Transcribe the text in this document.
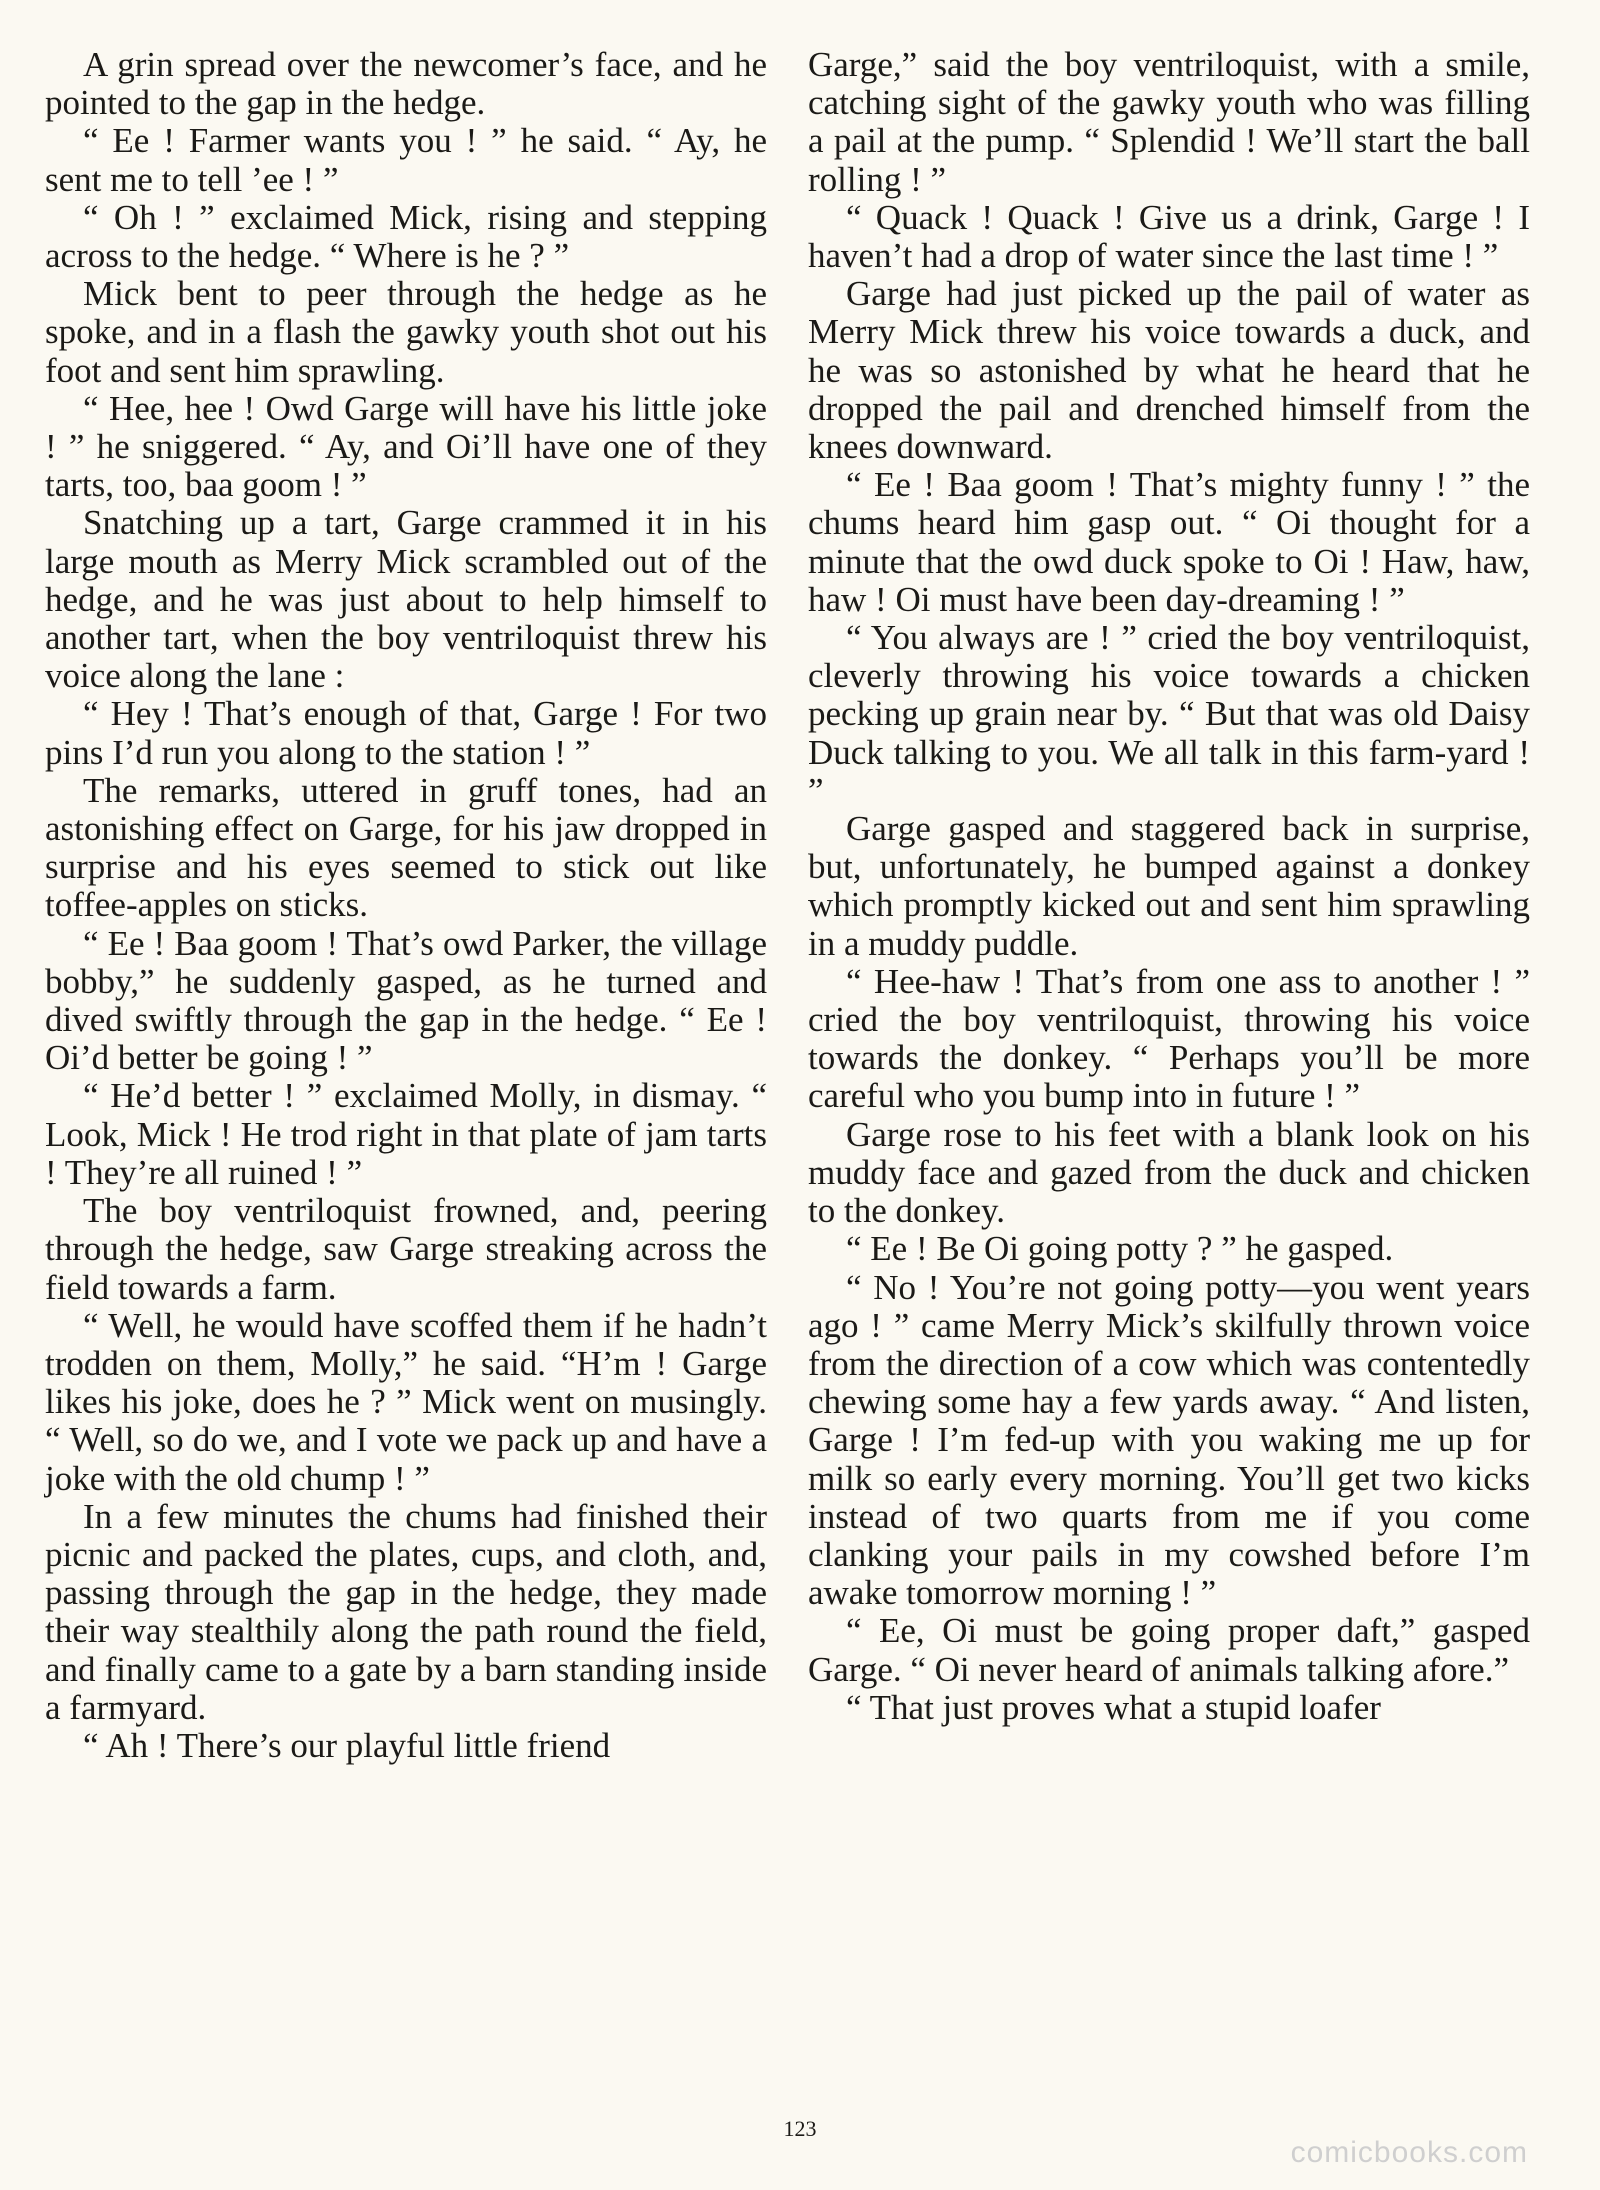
A grin spread over the newcomer’s face, and he pointed to the gap in the hedge.

“ Ee ! Farmer wants you ! ” he said. “ Ay, he sent me to tell ’ee ! ”

“ Oh ! ” exclaimed Mick, rising and stepping across to the hedge. “ Where is he ? ”

Mick bent to peer through the hedge as he spoke, and in a flash the gawky youth shot out his foot and sent him sprawling.

“ Hee, hee ! Owd Garge will have his little joke ! ” he sniggered. “ Ay, and Oi’ll have one of they tarts, too, baa goom ! ”

Snatching up a tart, Garge crammed it in his large mouth as Merry Mick scrambled out of the hedge, and he was just about to help himself to another tart, when the boy ventriloquist threw his voice along the lane :

“ Hey ! That’s enough of that, Garge ! For two pins I’d run you along to the station ! ”

The remarks, uttered in gruff tones, had an astonishing effect on Garge, for his jaw dropped in surprise and his eyes seemed to stick out like toffee-apples on sticks.

“ Ee ! Baa goom ! That’s owd Parker, the village bobby,” he suddenly gasped, as he turned and dived swiftly through the gap in the hedge. “ Ee ! Oi’d better be going ! ”

“ He’d better ! ” exclaimed Molly, in dismay. “ Look, Mick ! He trod right in that plate of jam tarts ! They’re all ruined ! ”

The boy ventriloquist frowned, and, peering through the hedge, saw Garge streaking across the field towards a farm.

“ Well, he would have scoffed them if he hadn’t trodden on them, Molly,” he said. “H’m ! Garge likes his joke, does he ? ” Mick went on musingly. “ Well, so do we, and I vote we pack up and have a joke with the old chump ! ”

In a few minutes the chums had finished their picnic and packed the plates, cups, and cloth, and, passing through the gap in the hedge, they made their way stealthily along the path round the field, and finally came to a gate by a barn standing inside a farmyard.

“ Ah ! There’s our playful little friend

Garge,” said the boy ventriloquist, with a smile, catching sight of the gawky youth who was filling a pail at the pump. “ Splendid ! We’ll start the ball rolling ! ”

“ Quack ! Quack ! Give us a drink, Garge ! I haven’t had a drop of water since the last time ! ”

Garge had just picked up the pail of water as Merry Mick threw his voice towards a duck, and he was so astonished by what he heard that he dropped the pail and drenched himself from the knees downward.

“ Ee ! Baa goom ! That’s mighty funny ! ” the chums heard him gasp out. “ Oi thought for a minute that the owd duck spoke to Oi ! Haw, haw, haw ! Oi must have been day-dreaming ! ”

“ You always are ! ” cried the boy ventriloquist, cleverly throwing his voice towards a chicken pecking up grain near by. “ But that was old Daisy Duck talking to you. We all talk in this farm-yard ! ”

Garge gasped and staggered back in surprise, but, unfortunately, he bumped against a donkey which promptly kicked out and sent him sprawling in a muddy puddle.

“ Hee-haw ! That’s from one ass to another ! ” cried the boy ventriloquist, throwing his voice towards the donkey. “ Perhaps you’ll be more careful who you bump into in future ! ”

Garge rose to his feet with a blank look on his muddy face and gazed from the duck and chicken to the donkey.

“ Ee ! Be Oi going potty ? ” he gasped.

“ No ! You’re not going potty—you went years ago ! ” came Merry Mick’s skilfully thrown voice from the direction of a cow which was contentedly chewing some hay a few yards away. “ And listen, Garge ! I’m fed-up with you waking me up for milk so early every morning. You’ll get two kicks instead of two quarts from me if you come clanking your pails in my cowshed before I’m awake tomorrow morning ! ”

“ Ee, Oi must be going proper daft,” gasped Garge. “ Oi never heard of animals talking afore.”

“ That just proves what a stupid loafer

123
comicbooks.com
